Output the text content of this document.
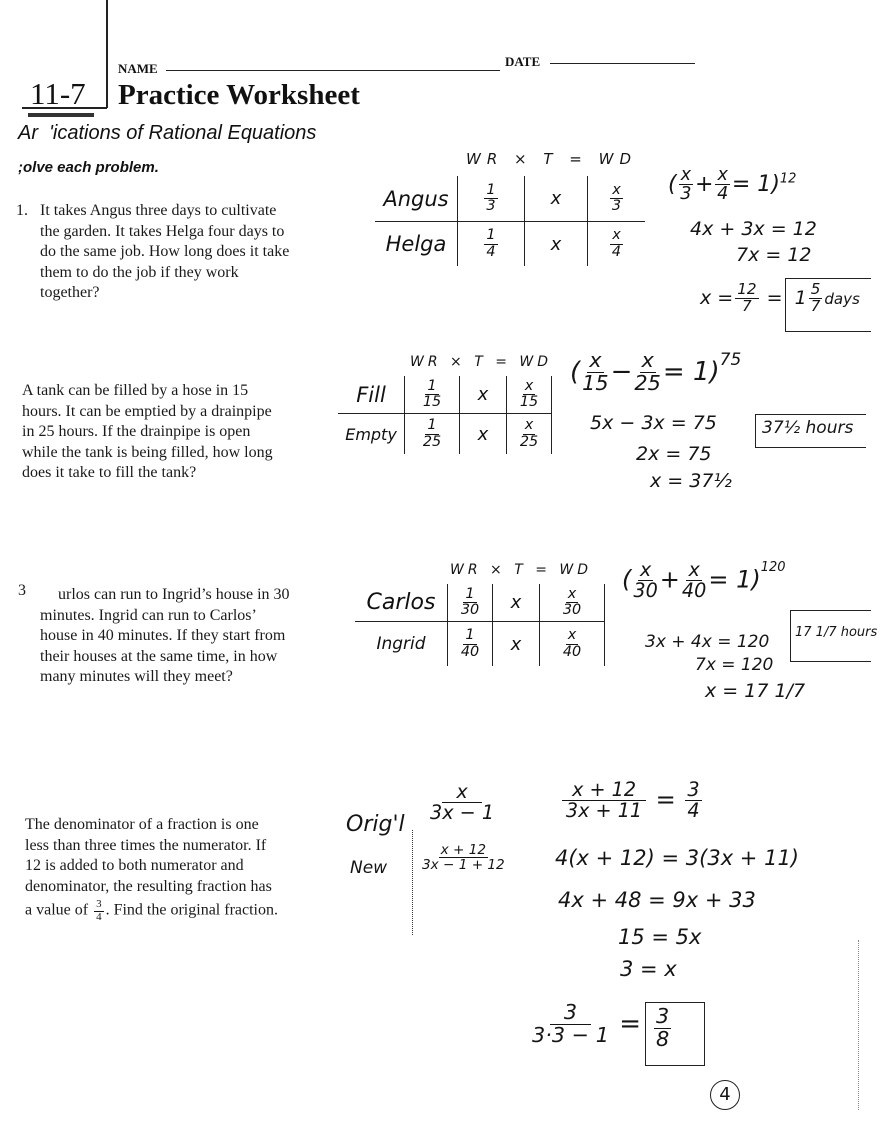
11-7
NAME	DATE
Practice Worksheet
Ar  'ications of Rational Equations
;olve each problem.
1. It takes Angus three days to cultivate
the garden. It takes Helga four days to
do the same job. How long does it take
them to do the job if they work
together?
A tank can be filled by a hose in 15
hours. It can be emptied by a drainpipe
in 25 hours. If the drainpipe is open
while the tank is being filled, how long
does it take to fill the tank?
3	urlos can run to Ingrid’s house in 30
minutes. Ingrid can run to Carlos’
house in 40 minutes. If they start from
their houses at the same time, in how
many minutes will they meet?
The denominator of a fraction is one
less than three times the numerator. If
12 is added to both numerator and
denominator, the resulting fraction has
a value of $\frac{3}{4}$ . Find the original fraction.
WR × T = WD
Angus	$\frac{1}{3}$	x	$\frac{x}{3}$
Helga	$\frac{1}{4}$	x	$\frac{x}{4}$
( $\frac{x}{3} + \frac{x}{4} = 1)^{12}$
4x + 3x = 12
7x = 12
$x = \frac{12}{7} = 1 \frac{5}{7}$ days
WR × T = WD
Fill	$\frac{1}{15}$	x	$\frac{x}{15}$
Empty	$\frac{1}{25}$	x	$\frac{x}{25}$
( $\frac{x}{15} - \frac{x}{25} = 1)^{75}$
5x − 3x = 75
2x = 75
x = 37½
37½ hours
WR × T = WD
Carlos	$\frac{1}{30}$	x	$\frac{x}{30}$
Ingrid	$\frac{1}{40}$	x	$\frac{x}{40}$
( $\frac{x}{30} + \frac{x}{40} = 1)^{120}$
3x + 4x = 120
7x = 120
x = 17 1/7
17 1/7 hours
Orig'l
$\frac{x}{3x - 1}$
New	$\frac{x + 12}{3x - 1 + 12}$
$\frac{x + 12}{3x + 11} = \frac{3}{4}$
4(x + 12) = 3(3x + 11)
4x + 48 = 9x + 33
15 = 5x
3 = x
$\frac{3}{3\cdot 3 - 1} = \frac{3}{8}$
4
